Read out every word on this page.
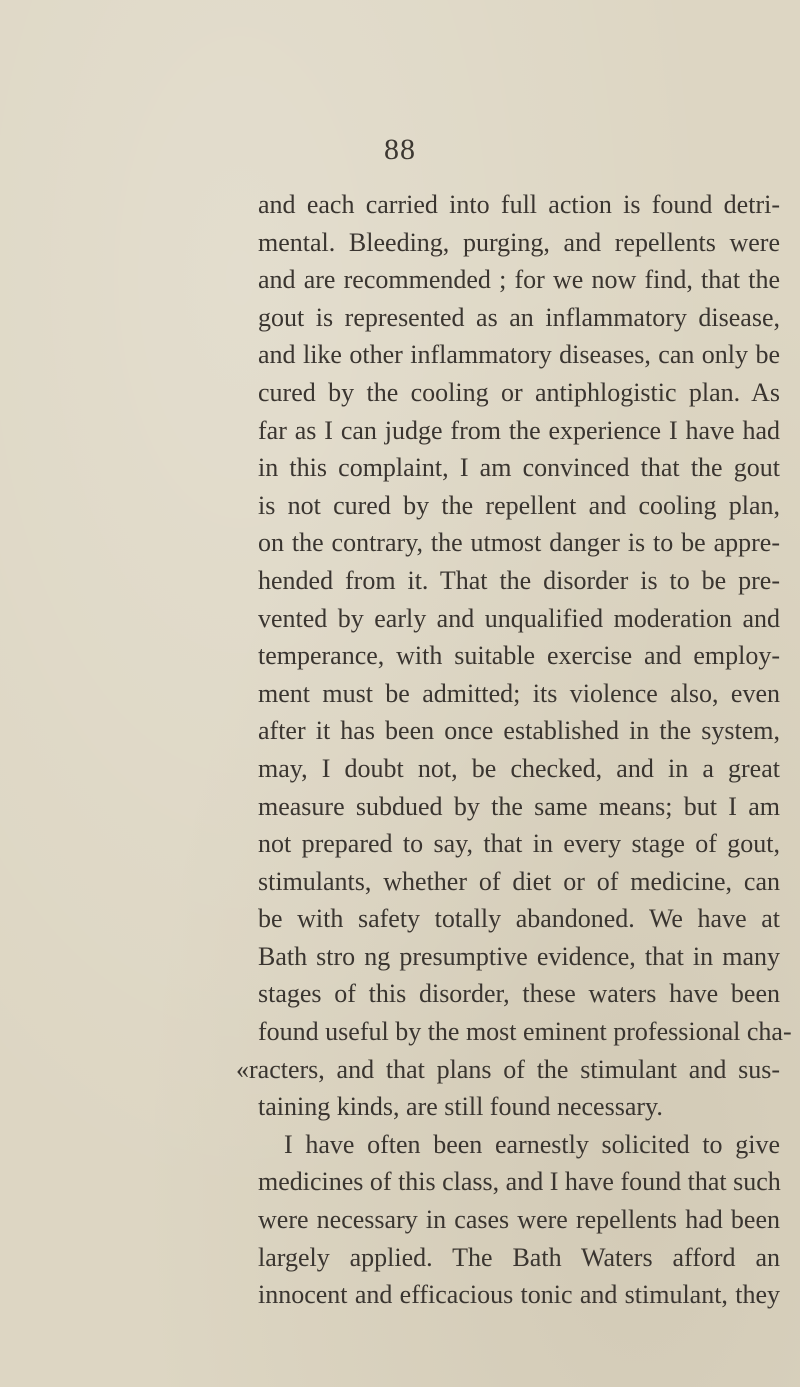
88
and each carried into full action is found detri-
mental. Bleeding, purging, and repellents were
and are recommended ; for we now find, that the
gout is represented as an inflammatory disease,
and like other inflammatory diseases, can only be
cured by the cooling or antiphlogistic plan. As
far as I can judge from the experience I have had
in this complaint, I am convinced that the gout
is not cured by the repellent and cooling plan,
on the contrary, the utmost danger is to be appre-
hended from it. That the disorder is to be pre-
vented by early and unqualified moderation and
temperance, with suitable exercise and employ-
ment must be admitted; its violence also, even
after it has been once established in the system,
may, I doubt not, be checked, and in a great
measure subdued by the same means; but I am
not prepared to say, that in every stage of gout,
stimulants, whether of diet or of medicine, can
be with safety totally abandoned. We have at
Bath stro ng presumptive evidence, that in many
stages of this disorder, these waters have been
found useful by the most eminent professional cha-
«racters, and that plans of the stimulant and sus-
taining kinds, are still found necessary.
I have often been earnestly solicited to give
medicines of this class, and I have found that such
were necessary in cases were repellents had been
largely applied. The Bath Waters afford an
innocent and efficacious tonic and stimulant, they
